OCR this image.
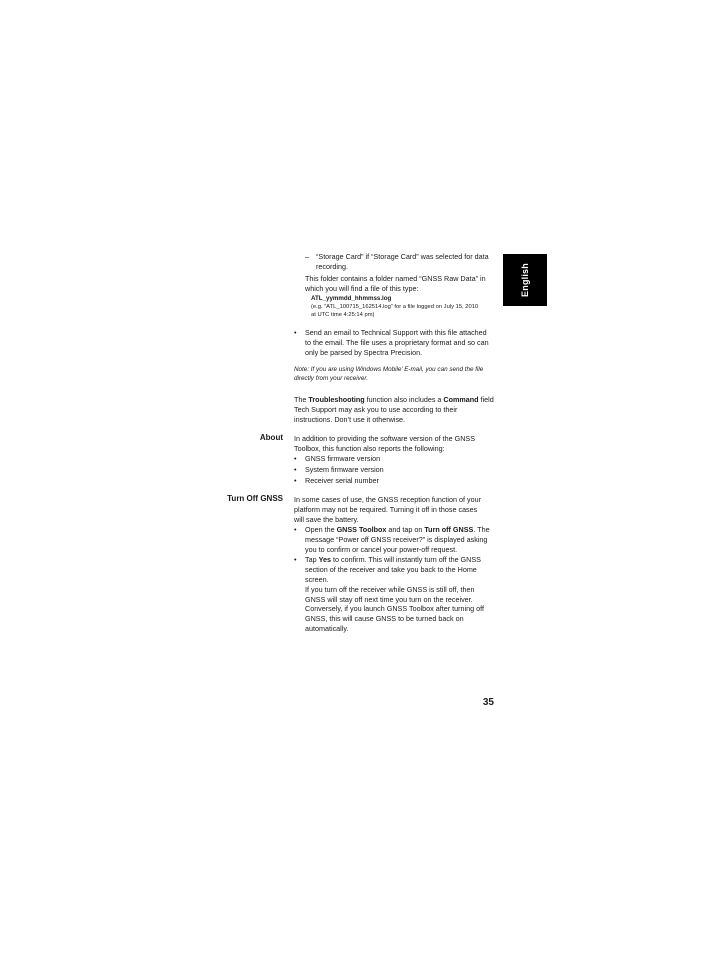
English
– “Storage Card” if “Storage Card” was selected for data

recording.

This folder contains a folder named “GNSS Raw Data” in

which you will find a file of this type:

ATL_yymmdd_hhmmss.log

(e.g. “ATL_100715_162514.log” for a file logged on July 15, 2010

at UTC time 4:25:14 pm)

• Send an email to Technical Support with this file attached

to the email. The file uses a proprietary format and so can

only be parsed by Spectra Precision.

Note: If you are using Windows Mobile’ E-mail, you can send the file

directly from your receiver.

The Troubleshooting function also includes a Command field

Tech Support may ask you to use according to their

instructions. Don’t use it otherwise.

About In addition to providing the software version of the GNSS

Toolbox, this function also reports the following:

• GNSS firmware version
• System firmware version
• Receiver serial number
Turn Off GNSS In some cases of use, the GNSS reception function of your

platform may not be required. Turning it off in those cases

will save the battery.

• Open the GNSS Toolbox and tap on Turn off GNSS. The

message “Power off GNSS receiver?” is displayed asking

you to confirm or cancel your power-off request.

• Tap Yes to confirm. This will instantly turn off the GNSS

section of the receiver and take you back to the Home

screen.

If you turn off the receiver while GNSS is still off, then

GNSS will stay off next time you turn on the receiver.

Conversely, if you launch GNSS Toolbox after turning off

GNSS, this will cause GNSS to be turned back on

automatically.

35
